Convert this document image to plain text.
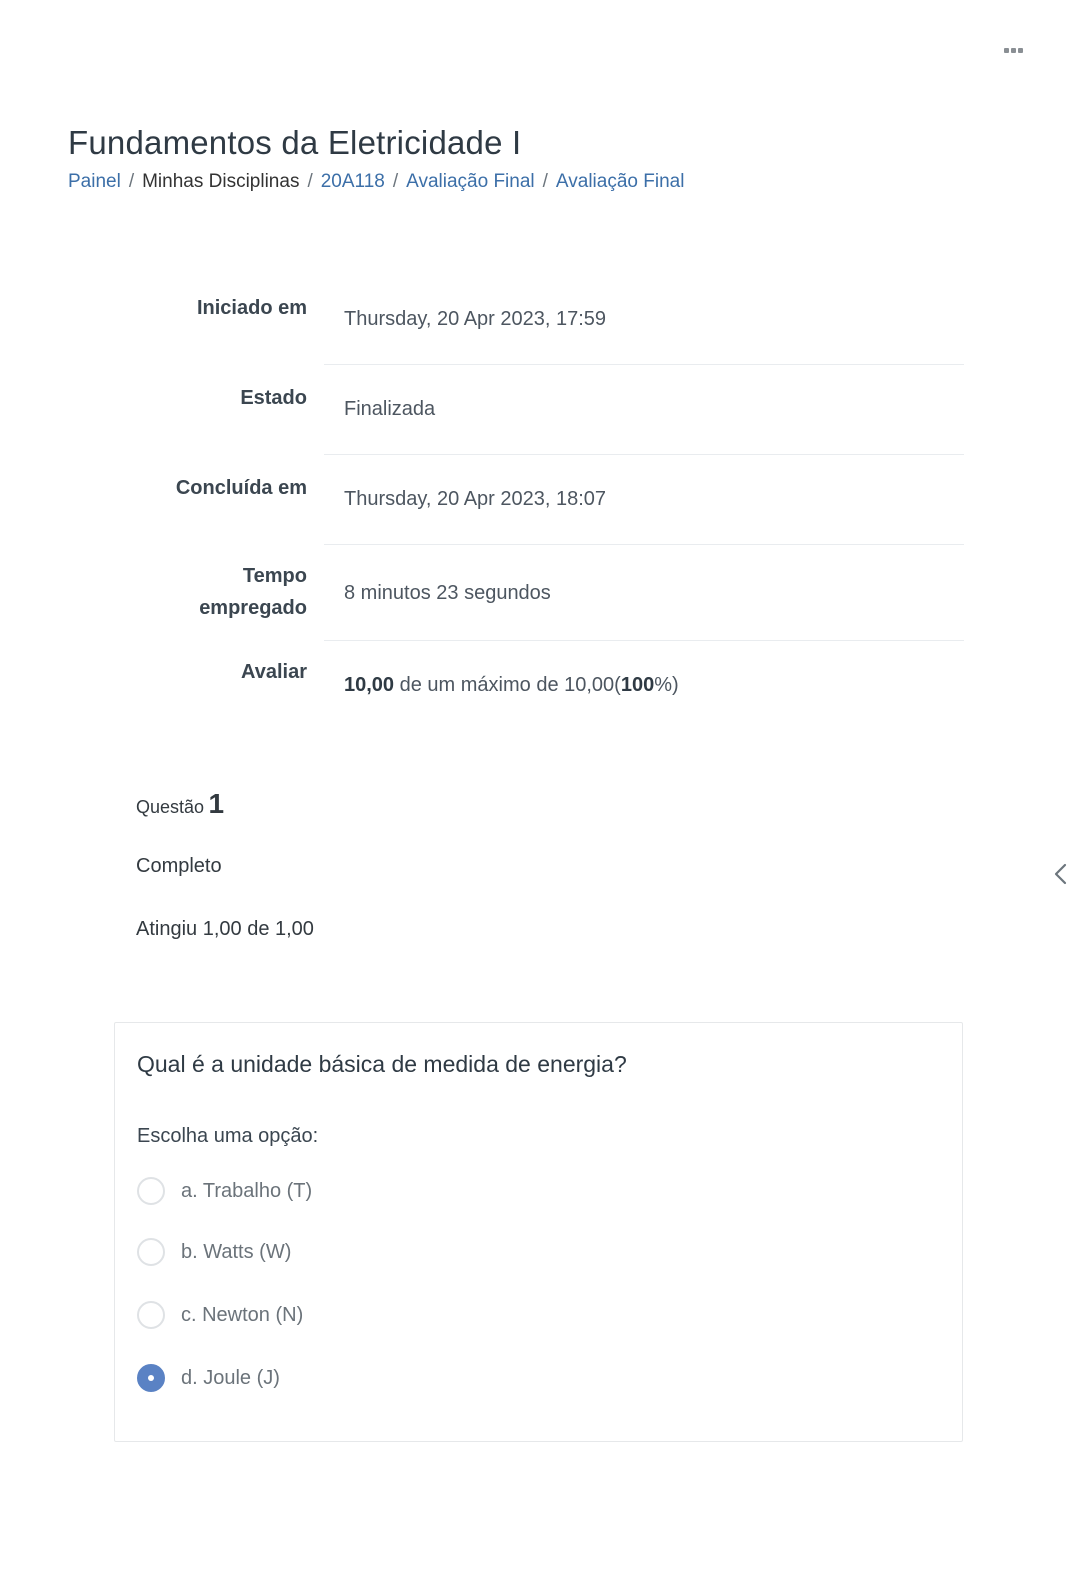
Fundamentos da Eletricidade I
Painel / Minhas Disciplinas / 20A118 / Avaliação Final / Avaliação Final
Iniciado em Thursday, 20 Apr 2023, 17:59
Estado Finalizada
Concluída em Thursday, 20 Apr 2023, 18:07
Tempo
empregado
8 minutos 23 segundos
Avaliar
10,00 de um máximo de 10,00(100%)
Questão 1
Completo
Atingiu 1,00 de 1,00
Qual é a unidade básica de medida de energia?
Escolha uma opção:
a. Trabalho (T)
b. Watts (W)
c. Newton (N)
d. Joule (J)
